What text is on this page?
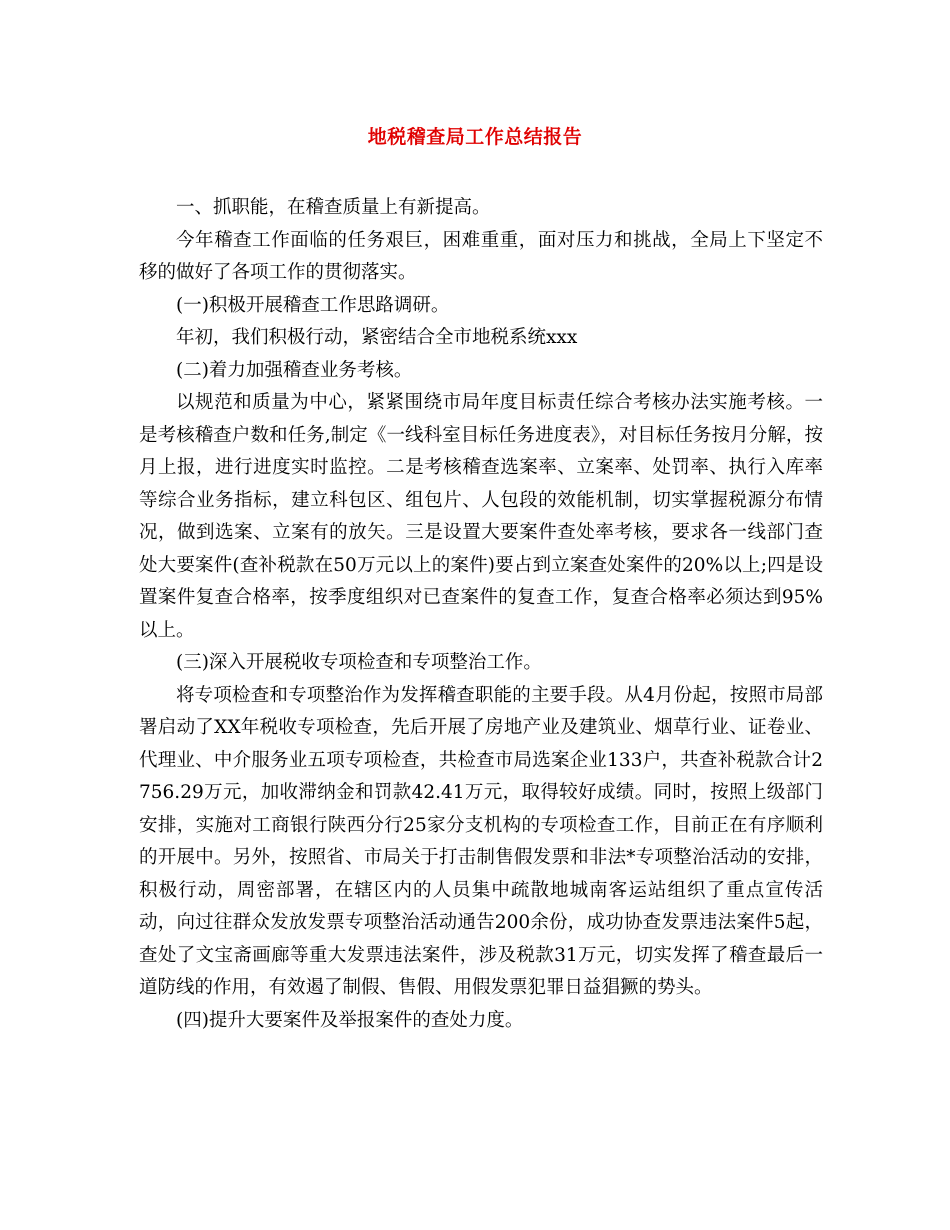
地税稽查局工作总结报告

一、抓职能，在稽查质量上有新提高。

今年稽查工作面临的任务艰巨，困难重重，面对压力和挑战，全局上下坚定不移的做好了各项工作的贯彻落实。

(一)积极开展稽查工作思路调研。

年初，我们积极行动，紧密结合全市地税系统xxx

(二)着力加强稽查业务考核。

以规范和质量为中心，紧紧围绕市局年度目标责任综合考核办法实施考核。一是考核稽查户数和任务,制定《一线科室目标任务进度表》，对目标任务按月分解，按月上报，进行进度实时监控。二是考核稽查选案率、立案率、处罚率、执行入库率等综合业务指标，建立科包区、组包片、人包段的效能机制，切实掌握税源分布情况，做到选案、立案有的放矢。三是设置大要案件查处率考核，要求各一线部门查处大要案件(查补税款在50万元以上的案件)要占到立案查处案件的20%以上;四是设置案件复查合格率，按季度组织对已查案件的复查工作，复查合格率必须达到95%以上。

(三)深入开展税收专项检查和专项整治工作。

将专项检查和专项整治作为发挥稽查职能的主要手段。从4月份起，按照市局部署启动了XX年税收专项检查，先后开展了房地产业及建筑业、烟草行业、证卷业、代理业、中介服务业五项专项检查，共检查市局选案企业133户，共查补税款合计2756.29万元，加收滞纳金和罚款42.41万元，取得较好成绩。同时，按照上级部门安排，实施对工商银行陕西分行25家分支机构的专项检查工作，目前正在有序顺利的开展中。另外，按照省、市局关于打击制售假发票和非法*专项整治活动的安排，积极行动，周密部署，在辖区内的人员集中疏散地城南客运站组织了重点宣传活动，向过往群众发放发票专项整治活动通告200余份，成功协查发票违法案件5起，查处了文宝斋画廊等重大发票违法案件，涉及税款31万元，切实发挥了稽查最后一道防线的作用，有效遏了制假、售假、用假发票犯罪日益猖獗的势头。

(四)提升大要案件及举报案件的查处力度。
